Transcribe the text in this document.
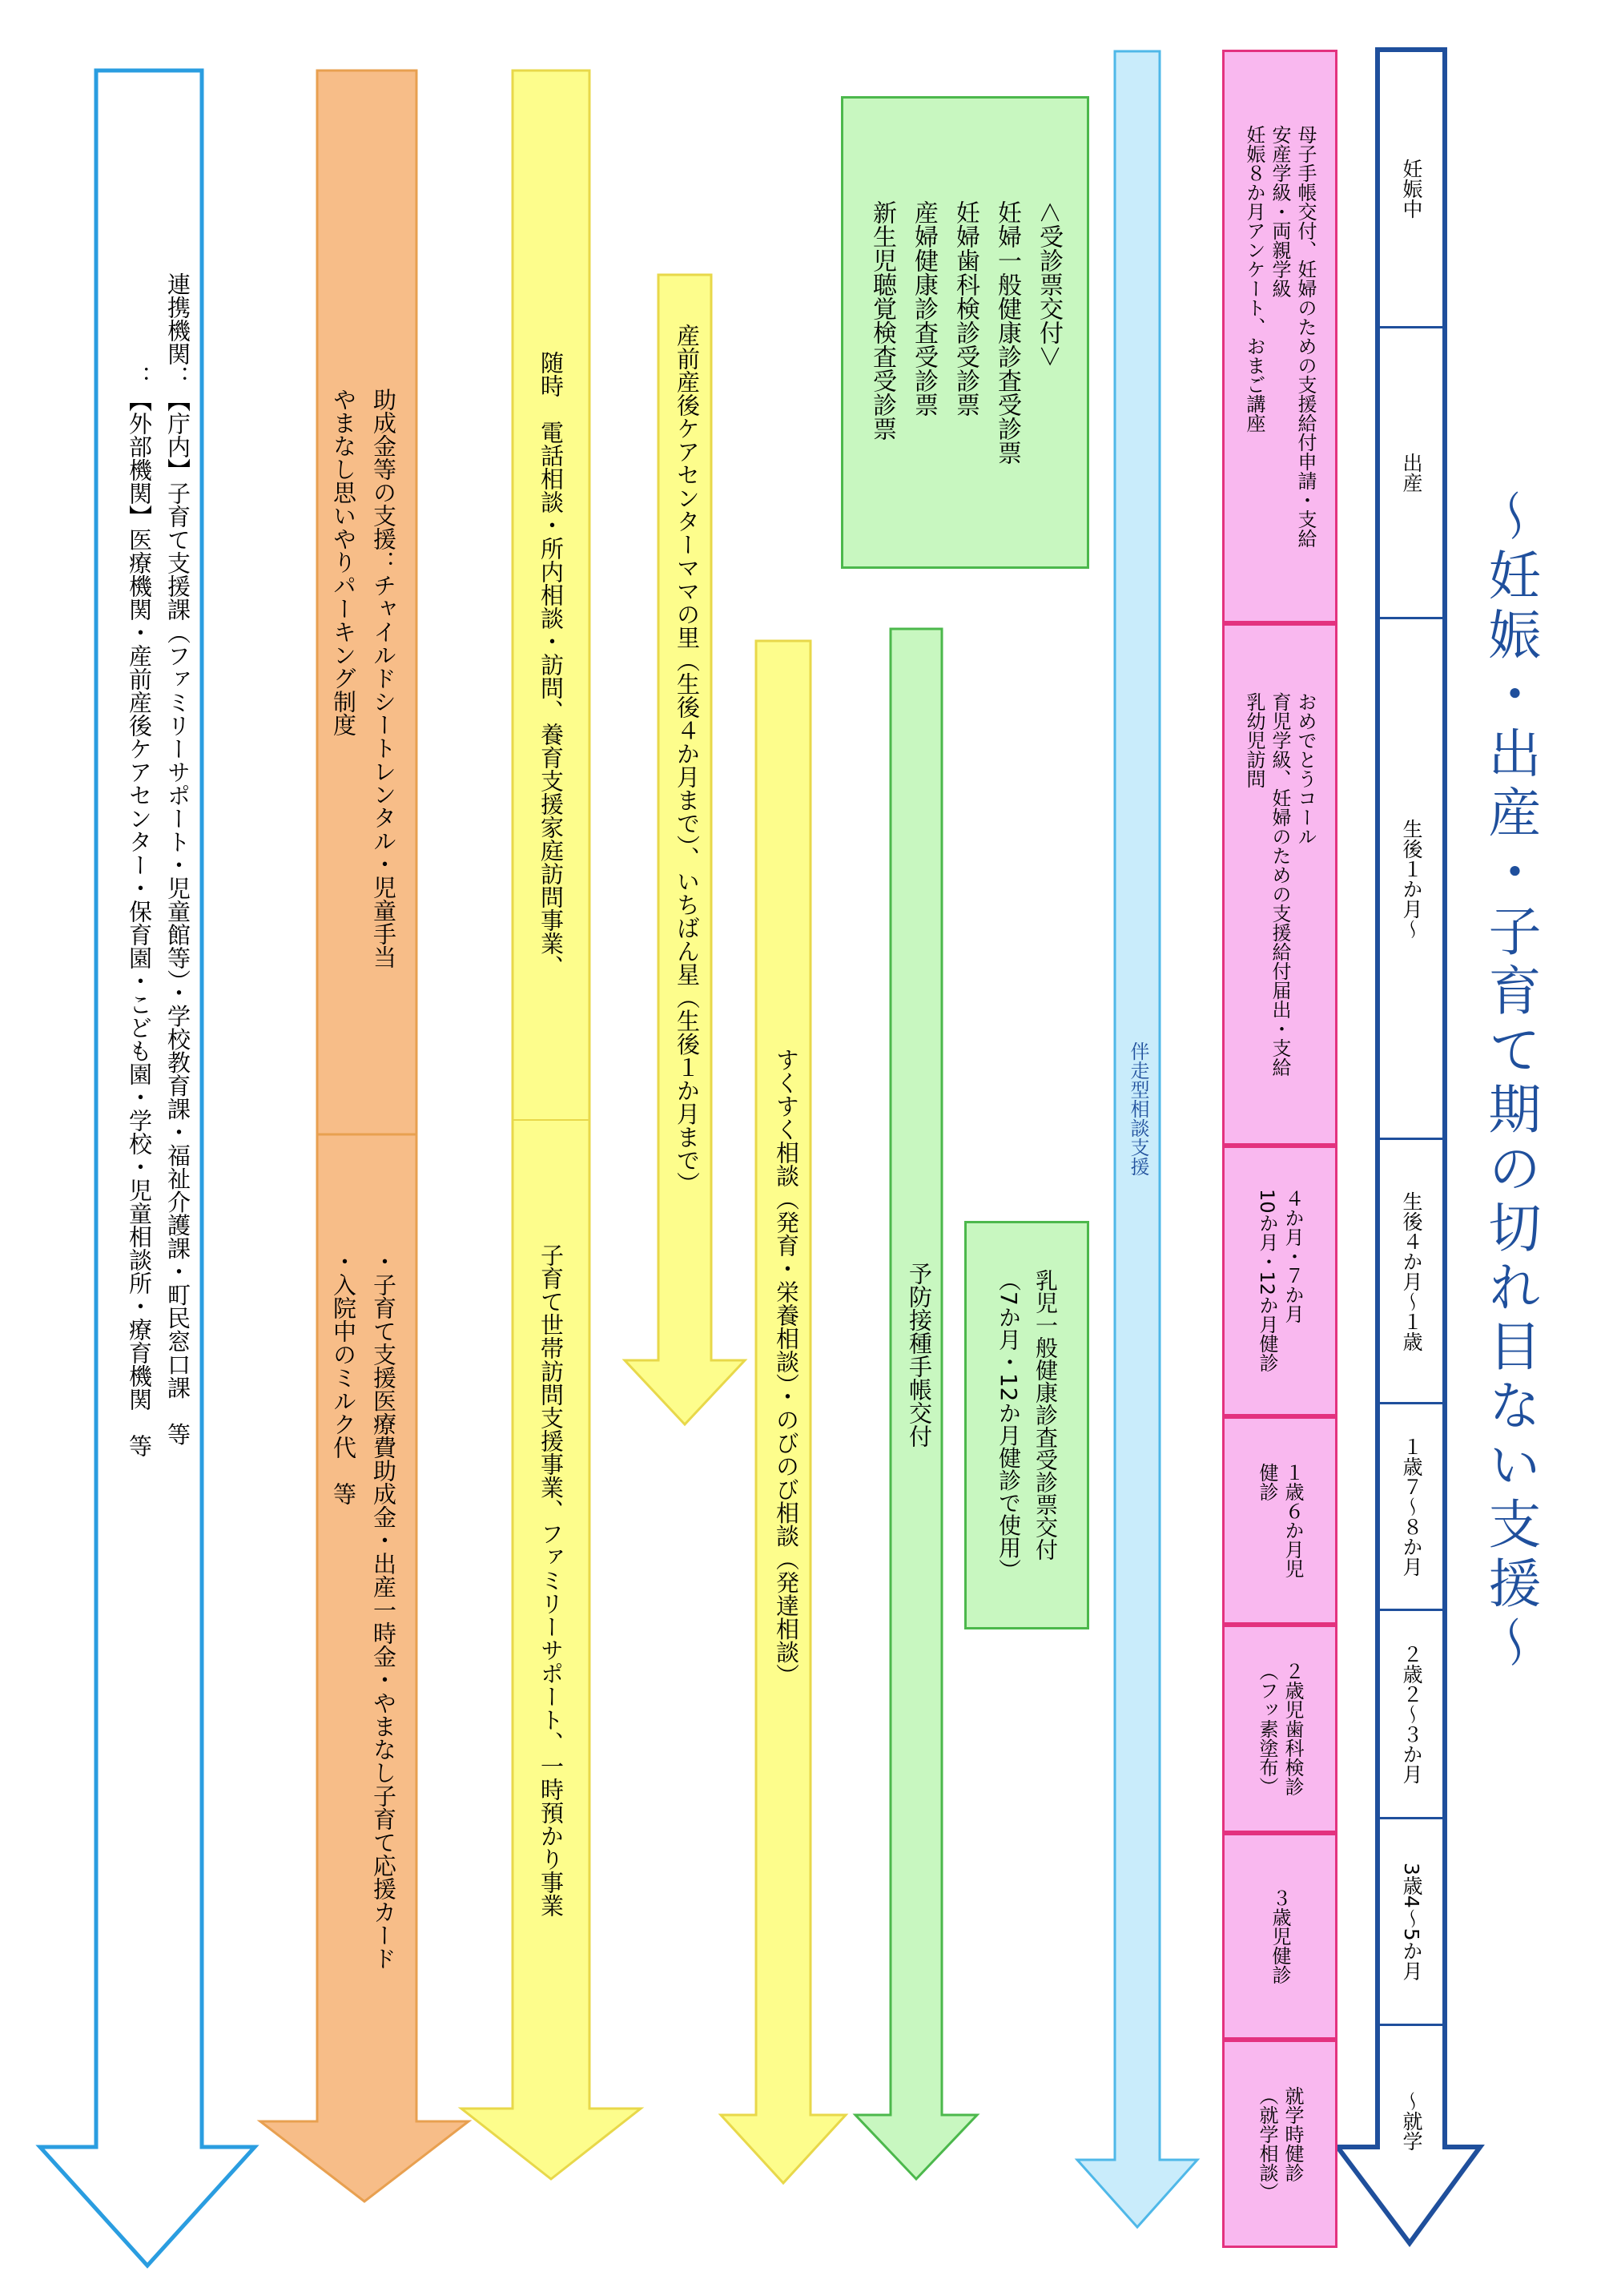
～妊娠・出産・子育て期の切れ目ない支援～
妊娠中
出産
生後１か月～
生後４か月～１歳
１歳７～８か月
２歳２～３か月
3歳4～5か月
～就学
母子手帳交付、妊婦のための支援給付申請・支給
安産学級・両親学級
妊娠８か月アンケート、おまご講座
おめでとうコール
育児学級、妊婦のための支援給付届出・支給
乳幼児訪問
４か月・７か月
10か月・12か月健診
１歳６か月児
健診
２歳児歯科検診
（フッ素塗布）
３歳児健診
就学時健診
（就学相談）
伴走型相談支援
＜受診票交付＞
妊婦一般健康診査受診票
妊婦歯科検診受診票
産婦健康診査受診票
新生児聴覚検査受診票
乳児一般健康診査受診票交付
（7か月・12か月健診で使用）
予防接種手帳交付
すくすく相談（発育・栄養相談）・のびのび相談（発達相談）
産前産後ケアセンターママの里（生後４か月まで）、いちばん星（生後１か月まで）
随時　電話相談・所内相談・訪問、養育支援家庭訪問事業、
子育て世帯訪問支援事業、ファミリーサポート、一時預かり事業
助成金等の支援：チャイルドシートレンタル・児童手当
やまなし思いやりパーキング制度
・子育て支援医療費助成金・出産一時金・やまなし子育て応援カード
・入院中のミルク代　等
連携機関：【庁内】子育て支援課（ファミリーサポート・児童館等）・学校教育課・福祉介護課・町民窓口課　等
　　　　：【外部機関】医療機関・産前産後ケアセンター・保育園・こども園・学校・児童相談所・療育機関　等
